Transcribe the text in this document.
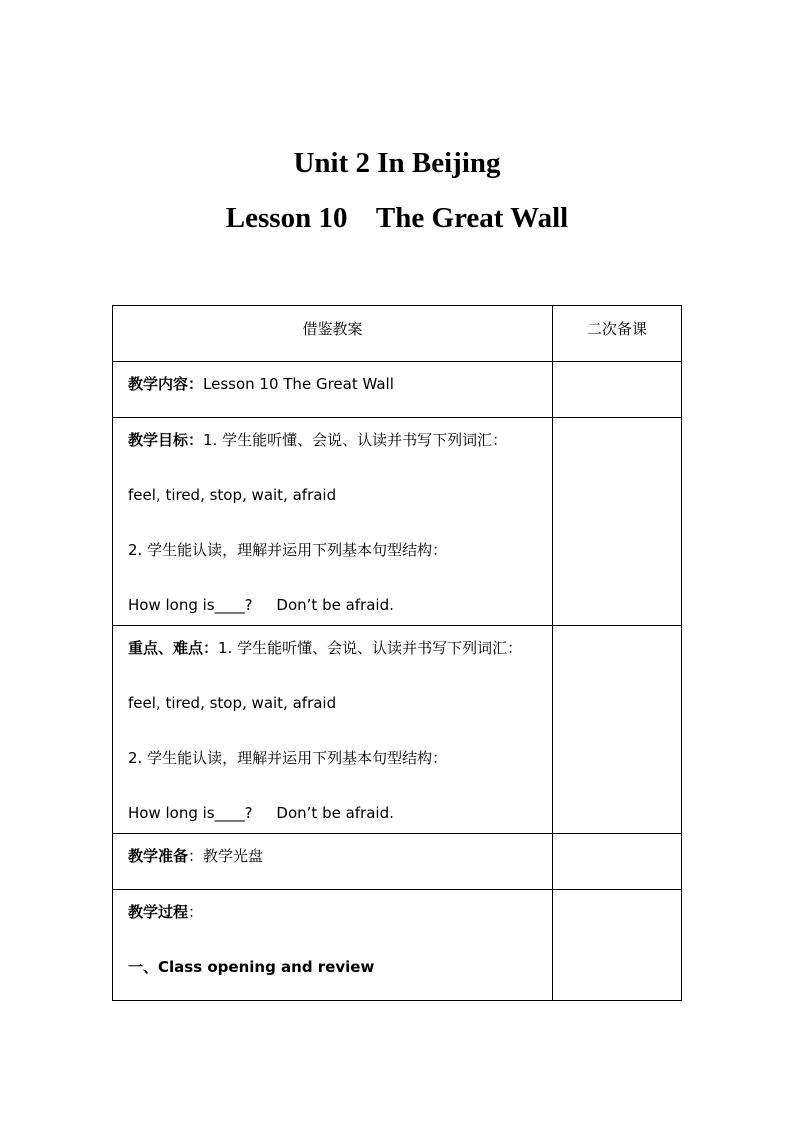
Unit 2 In Beijing
Lesson 10    The Great Wall
借鉴教案	二次备课

教学内容：Lesson 10 The Great Wall	

教学目标：1. 学生能听懂、会说、认读并书写下列词汇：
feel, tired, stop, wait, afraid
2. 学生能认读，理解并运用下列基本句型结构：
How long is____?     Don’t be afraid.	

重点、难点：1. 学生能听懂、会说、认读并书写下列词汇：
feel, tired, stop, wait, afraid
2. 学生能认读，理解并运用下列基本句型结构：
How long is____?     Don’t be afraid.	

教学准备：教学光盘	

教学过程：
一、Class opening and review	
